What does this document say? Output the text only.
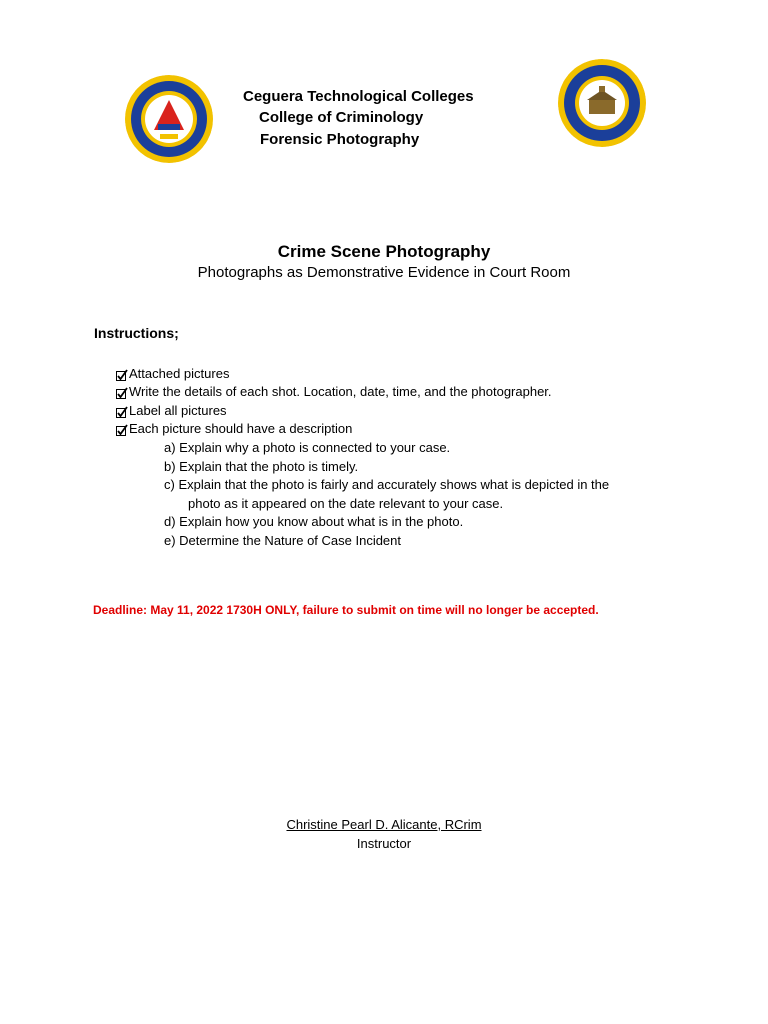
Ceguera Technological Colleges
College of Criminology
Forensic Photography
Crime Scene Photography
Photographs as Demonstrative Evidence in Court Room
Instructions;
Attached pictures
Write the details of each shot. Location, date, time, and the photographer.
Label all pictures
Each picture should have a description
a) Explain why a photo is connected to your case.
b) Explain that the photo is timely.
c) Explain that the photo is fairly and accurately shows what is depicted in the
photo as it appeared on the date relevant to your case.
d) Explain how you know about what is in the photo.
e) Determine the Nature of Case Incident
Deadline: May 11, 2022 1730H ONLY, failure to submit on time will no longer be accepted.
Christine Pearl D. Alicante, RCrim
Instructor
